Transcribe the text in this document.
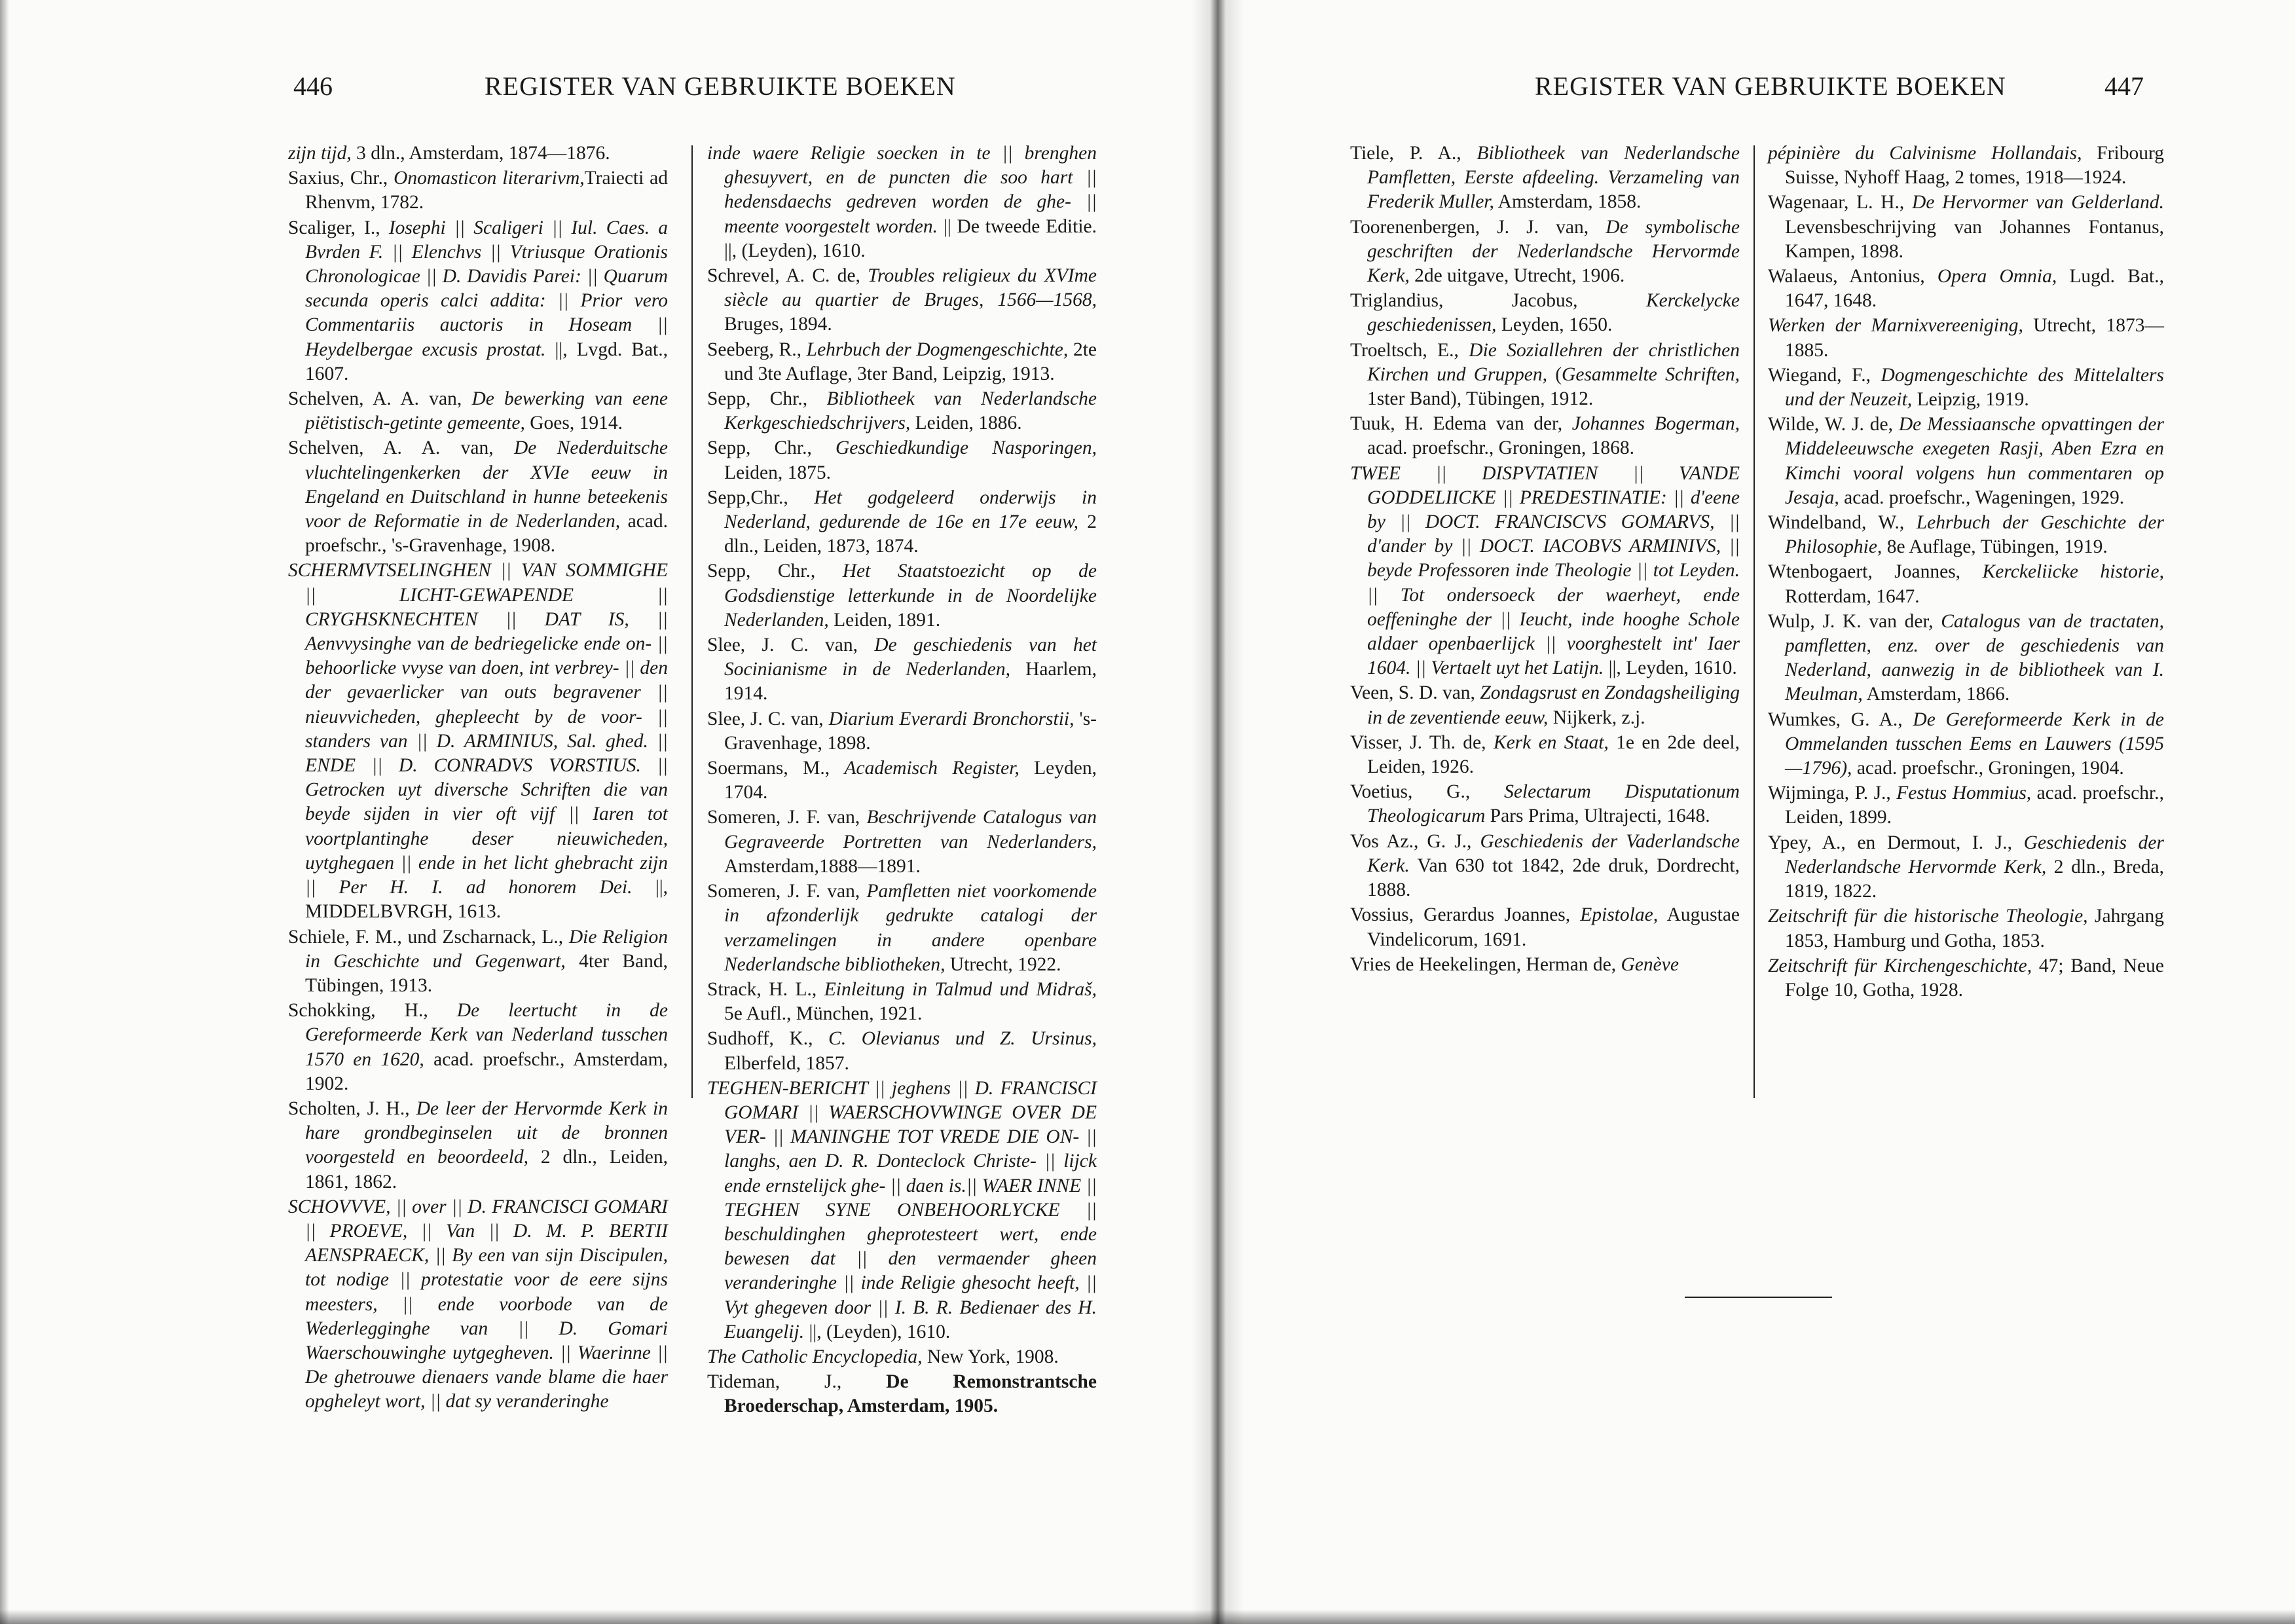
446	REGISTER VAN GEBRUIKTE BOEKEN
zijn tijd, 3 dln., Amsterdam, 1874—1876.
Saxius, Chr., Onomasticon literarivm,Traiecti ad Rhenvm, 1782.
Scaliger, I., Iosephi || Scaligeri || Iul. Caes. a Bvrden F. || Elenchvs || Vtriusque Orationis Chronologicae || D. Davidis Parei: || Quarum secunda operis calci addita: || Prior vero Commentariis auctoris in Hoseam || Heydelbergae excusis prostat. ||, Lvgd. Bat., 1607.
Schelven, A. A. van, De bewerking van eene piëtistisch-getinte gemeente, Goes, 1914.
Schelven, A. A. van, De Nederduitsche vluchtelingenkerken der XVIe eeuw in Engeland en Duitschland in hunne beteekenis voor de Reformatie in de Nederlanden, acad. proefschr., 's-Gravenhage, 1908.
SCHERMVTSELINGHEN || VAN SOMMIGHE || LICHT-GEWAPENDE || CRYGHSKNECHTEN || DAT IS, || Aenvvysinghe van de bedriegelicke ende on- || behoorlicke vvyse van doen, int verbrey- || den der gevaerlicker van outs begravener || nieuvvicheden, ghepleecht by de voor- || standers van || D. ARMINIUS, Sal. ghed. || ENDE || D. CONRADVS VORSTIUS. || Getrocken uyt diversche Schriften die van beyde sijden in vier oft vijf || Iaren tot voortplantinghe deser nieuwicheden, uytghegaen || ende in het licht ghebracht zijn || Per H. I. ad honorem Dei. ||, MIDDELBVRGH, 1613.
Schiele, F. M., und Zscharnack, L., Die Religion in Geschichte und Gegenwart, 4ter Band, Tübingen, 1913.
Schokking, H., De leertucht in de Gereformeerde Kerk van Nederland tusschen 1570 en 1620, acad. proefschr., Amsterdam, 1902.
Scholten, J. H., De leer der Hervormde Kerk in hare grondbeginselen uit de bronnen voorgesteld en beoordeeld, 2 dln., Leiden, 1861, 1862.
SCHOVVVE, || over || D. FRANCISCI GOMARI || PROEVE, || Van || D. M. P. BERTII AENSPRAECK, || By een van sijn Discipulen, tot nodige || protestatie voor de eere sijns meesters, || ende voorbode van de Wederlegginghe van || D. Gomari Waerschouwinghe uytgegheven. || Waerinne || De ghetrouwe dienaers vande blame die haer opgheleyt wort, || dat sy veranderinghe
inde waere Religie soecken in te || brenghen ghesuyvert, en de puncten die soo hart || hedensdaechs gedreven worden de ghe- || meente voorgestelt worden. || De tweede Editie. ||, (Leyden), 1610.
Schrevel, A. C. de, Troubles religieux du XVIme siècle au quartier de Bruges, 1566—1568, Bruges, 1894.
Seeberg, R., Lehrbuch der Dogmengeschichte, 2te und 3te Auflage, 3ter Band, Leipzig, 1913.
Sepp, Chr., Bibliotheek van Nederlandsche Kerkgeschiedschrijvers, Leiden, 1886.
Sepp, Chr., Geschiedkundige Nasporingen, Leiden, 1875.
Sepp,Chr., Het godgeleerd onderwijs in Nederland, gedurende de 16e en 17e eeuw, 2 dln., Leiden, 1873, 1874.
Sepp, Chr., Het Staatstoezicht op de Godsdienstige letterkunde in de Noordelijke Nederlanden, Leiden, 1891.
Slee, J. C. van, De geschiedenis van het Socinianisme in de Nederlanden, Haarlem, 1914.
Slee, J. C. van, Diarium Everardi Bronchorstii, 's-Gravenhage, 1898.
Soermans, M., Academisch Register, Leyden, 1704.
Someren, J. F. van, Beschrijvende Catalogus van Gegraveerde Portretten van Nederlanders, Amsterdam,1888—1891.
Someren, J. F. van, Pamfletten niet voorkomende in afzonderlijk gedrukte catalogi der verzamelingen in andere openbare Nederlandsche bibliotheken, Utrecht, 1922.
Strack, H. L., Einleitung in Talmud und Midraš, 5e Aufl., München, 1921.
Sudhoff, K., C. Olevianus und Z. Ursinus, Elberfeld, 1857.
TEGHEN-BERICHT || jeghens || D. FRANCISCI GOMARI || WAERSCHOVWINGE OVER DE VER- || MANINGHE TOT VREDE DIE ON- || langhs, aen D. R. Donteclock Christe- || lijck ende ernstelijck ghe- || daen is.|| WAER INNE || TEGHEN SYNE ONBEHOORLYCKE || beschuldinghen gheprotesteert wert, ende bewesen dat || den vermaender gheen veranderinghe || inde Religie ghesocht heeft, || Vyt ghegeven door || I. B. R. Bedienaer des H. Euangelij. ||, (Leyden), 1610.
The Catholic Encyclopedia, New York, 1908.
Tideman, J., De Remonstrantsche Broederschap, Amsterdam, 1905.
447
REGISTER VAN GEBRUIKTE BOEKEN
Tiele, P. A., Bibliotheek van Nederlandsche Pamfletten, Eerste afdeeling. Verzameling van Frederik Muller, Amsterdam, 1858.
Toorenenbergen, J. J. van, De symbolische geschriften der Nederlandsche Hervormde Kerk, 2de uitgave, Utrecht, 1906.
Triglandius, Jacobus, Kerckelycke geschiedenissen, Leyden, 1650.
Troeltsch, E., Die Soziallehren der christlichen Kirchen und Gruppen, (Gesammelte Schriften, 1ster Band), Tübingen, 1912.
Tuuk, H. Edema van der, Johannes Bogerman, acad. proefschr., Groningen, 1868.
TWEE || DISPVTATIEN || VANDE GODDELIICKE || PREDESTINATIE: || d'eene by || DOCT. FRANCISCVS GOMARVS, || d'ander by || DOCT. IACOBVS ARMINIVS, || beyde Professoren inde Theologie || tot Leyden. || Tot ondersoeck der waerheyt, ende oeffeninghe der || Ieucht, inde hooghe Schole aldaer openbaerlijck || voorghestelt int' Iaer 1604. || Vertaelt uyt het Latijn. ||, Leyden, 1610.
Veen, S. D. van, Zondagsrust en Zondagsheiliging in de zeventiende eeuw, Nijkerk, z.j.
Visser, J. Th. de, Kerk en Staat, 1e en 2de deel, Leiden, 1926.
Voetius, G., Selectarum Disputationum Theologicarum Pars Prima, Ultrajecti, 1648.
Vos Az., G. J., Geschiedenis der Vaderlandsche Kerk. Van 630 tot 1842, 2de druk, Dordrecht, 1888.
Vossius, Gerardus Joannes, Epistolae, Augustae Vindelicorum, 1691.
Vries de Heekelingen, Herman de, Genève
pépinière du Calvinisme Hollandais, Fribourg Suisse, Nyhoff Haag, 2 tomes, 1918—1924.
Wagenaar, L. H., De Hervormer van Gelderland. Levensbeschrijving van Johannes Fontanus, Kampen, 1898.
Walaeus, Antonius, Opera Omnia, Lugd. Bat., 1647, 1648.
Werken der Marnixvereeniging, Utrecht, 1873—1885.
Wiegand, F., Dogmengeschichte des Mittelalters und der Neuzeit, Leipzig, 1919.
Wilde, W. J. de, De Messiaansche opvattingen der Middeleeuwsche exegeten Rasji, Aben Ezra en Kimchi vooral volgens hun commentaren op Jesaja, acad. proefschr., Wageningen, 1929.
Windelband, W., Lehrbuch der Geschichte der Philosophie, 8e Auflage, Tübingen, 1919.
Wtenbogaert, Joannes, Kerckeliicke historie, Rotterdam, 1647.
Wulp, J. K. van der, Catalogus van de tractaten, pamfletten, enz. over de geschiedenis van Nederland, aanwezig in de bibliotheek van I. Meulman, Amsterdam, 1866.
Wumkes, G. A., De Gereformeerde Kerk in de Ommelanden tusschen Eems en Lauwers (1595—1796), acad. proefschr., Groningen, 1904.
Wijminga, P. J., Festus Hommius, acad. proefschr., Leiden, 1899.
Ypey, A., en Dermout, I. J., Geschiedenis der Nederlandsche Hervormde Kerk, 2 dln., Breda, 1819, 1822.
Zeitschrift für die historische Theologie, Jahrgang 1853, Hamburg und Gotha, 1853.
Zeitschrift für Kirchengeschichte, 47; Band, Neue Folge 10, Gotha, 1928.
